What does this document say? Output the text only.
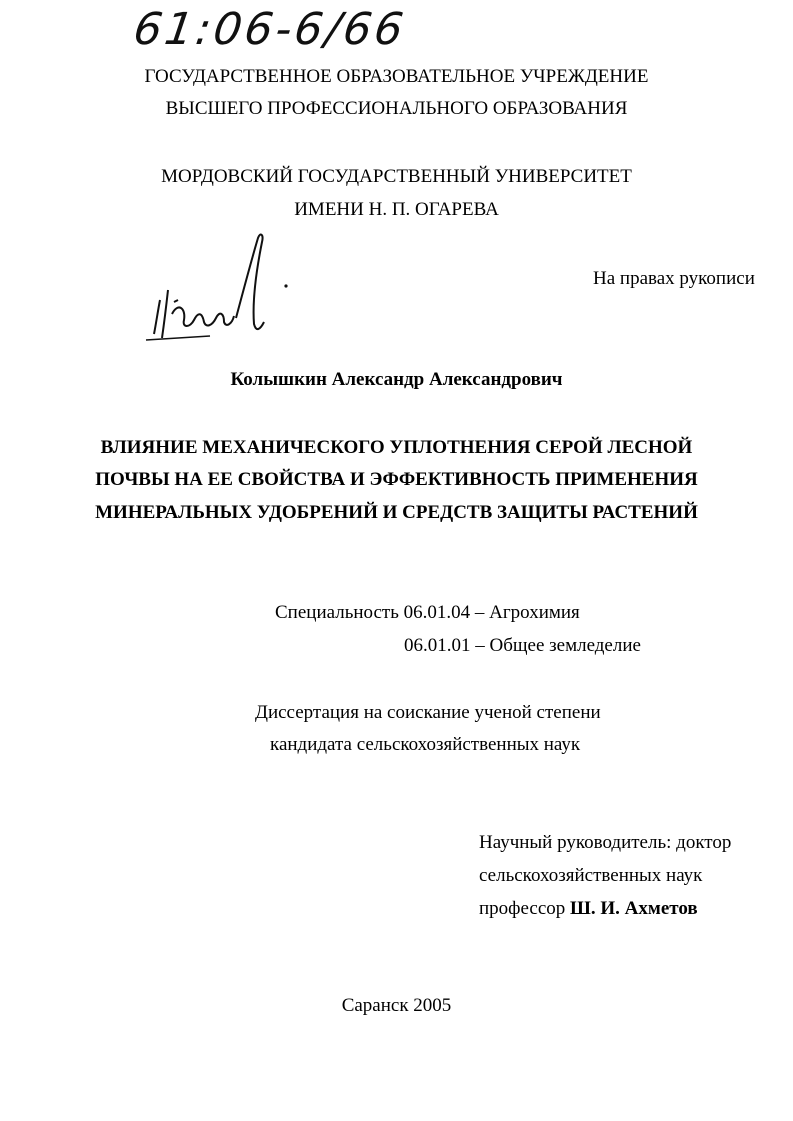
61:06-6/66
ГОСУДАРСТВЕННОЕ ОБРАЗОВАТЕЛЬНОЕ УЧРЕЖДЕНИЕ
ВЫСШЕГО ПРОФЕССИОНАЛЬНОГО ОБРАЗОВАНИЯ
МОРДОВСКИЙ ГОСУДАРСТВЕННЫЙ УНИВЕРСИТЕТ
ИМЕНИ Н. П. ОГАРЕВА
На правах рукописи
Колышкин Александр Александрович
ВЛИЯНИЕ МЕХАНИЧЕСКОГО УПЛОТНЕНИЯ СЕРОЙ ЛЕСНОЙ
ПОЧВЫ НА ЕЕ СВОЙСТВА И ЭФФЕКТИВНОСТЬ ПРИМЕНЕНИЯ
МИНЕРАЛЬНЫХ УДОБРЕНИЙ И СРЕДСТВ ЗАЩИТЫ РАСТЕНИЙ
Специальность 06.01.04 – Агрохимия
06.01.01 – Общее земледелие
Диссертация на соискание ученой степени
кандидата сельскохозяйственных наук
Научный руководитель: доктор
сельскохозяйственных наук
профессор Ш. И. Ахметов
Саранск 2005
